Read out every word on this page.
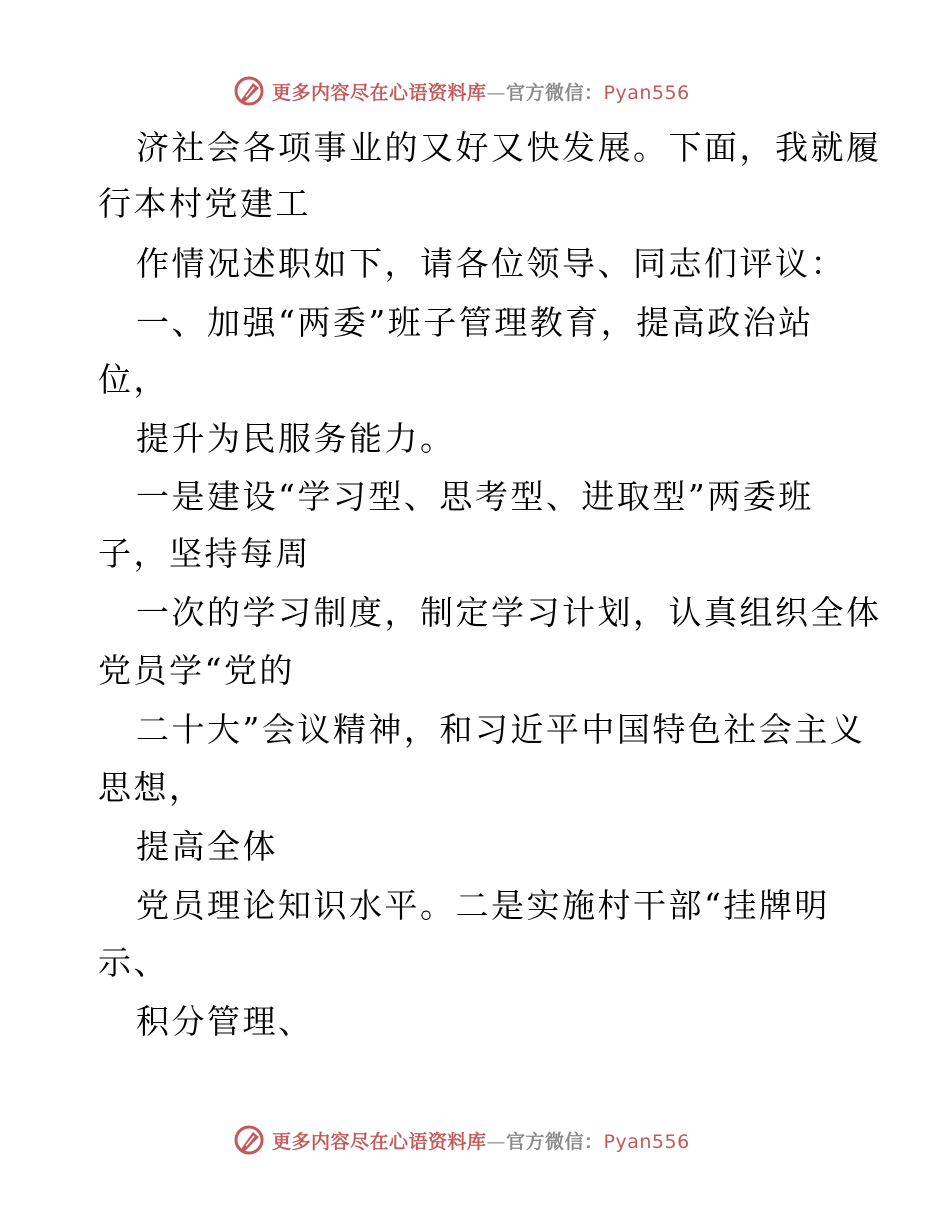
更多内容尽在心语资料库—官方微信：Pyan556
济社会各项事业的又好又快发展。下面，我就履
行本村党建工
作情况述职如下，请各位领导、同志们评议：
一、加强“两委”班子管理教育，提高政治站
位，
提升为民服务能力。
一是建设“学习型、思考型、进取型”两委班
子，坚持每周
一次的学习制度，制定学习计划，认真组织全体
党员学“党的
二十大”会议精神，和习近平中国特色社会主义
思想，
提高全体
党员理论知识水平。二是实施村干部“挂牌明
示、
积分管理、
更多内容尽在心语资料库—官方微信：Pyan556
